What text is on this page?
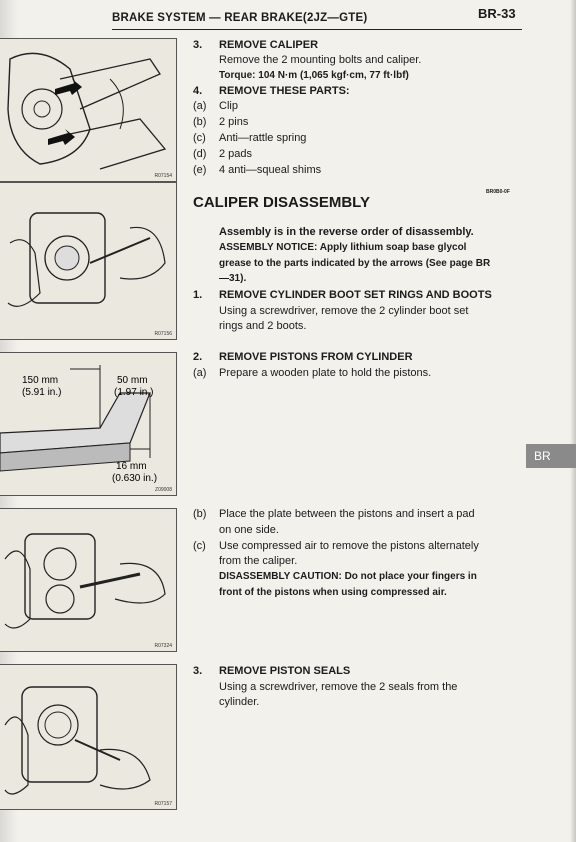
BRAKE SYSTEM — REAR BRAKE(2JZ—GTE)	BR-33
R07154
R07156
150 mm
(5.91 in.)
50 mm
(1.97 in.)
16 mm
(0.630 in.)
Z09008
R07324
R07157
3. REMOVE CALIPER
Remove the 2 mounting bolts and caliper.
Torque: 104 N·m (1,065 kgf·cm, 77 ft·lbf)
4. REMOVE THESE PARTS:
(a) Clip
(b) 2 pins
(c) Anti—rattle spring
(d) 2 pads
(e) 4 anti—squeal shims
CALIPER DISASSEMBLY
BR0B0-0F
Assembly is in the reverse order of disassembly.
ASSEMBLY NOTICE: Apply lithium soap base glycol
grease to the parts indicated by the arrows (See page BR
—31).
1. REMOVE CYLINDER BOOT SET RINGS AND BOOTS
Using a screwdriver, remove the 2 cylinder boot set
rings and 2 boots.
2. REMOVE PISTONS FROM CYLINDER
(a) Prepare a wooden plate to hold the pistons.
(b) Place the plate between the pistons and insert a pad
on one side.
(c) Use compressed air to remove the pistons alternately
from the caliper.
DISASSEMBLY CAUTION: Do not place your fingers in
front of the pistons when using compressed air.
3. REMOVE PISTON SEALS
Using a screwdriver, remove the 2 seals from the
cylinder.
BR
